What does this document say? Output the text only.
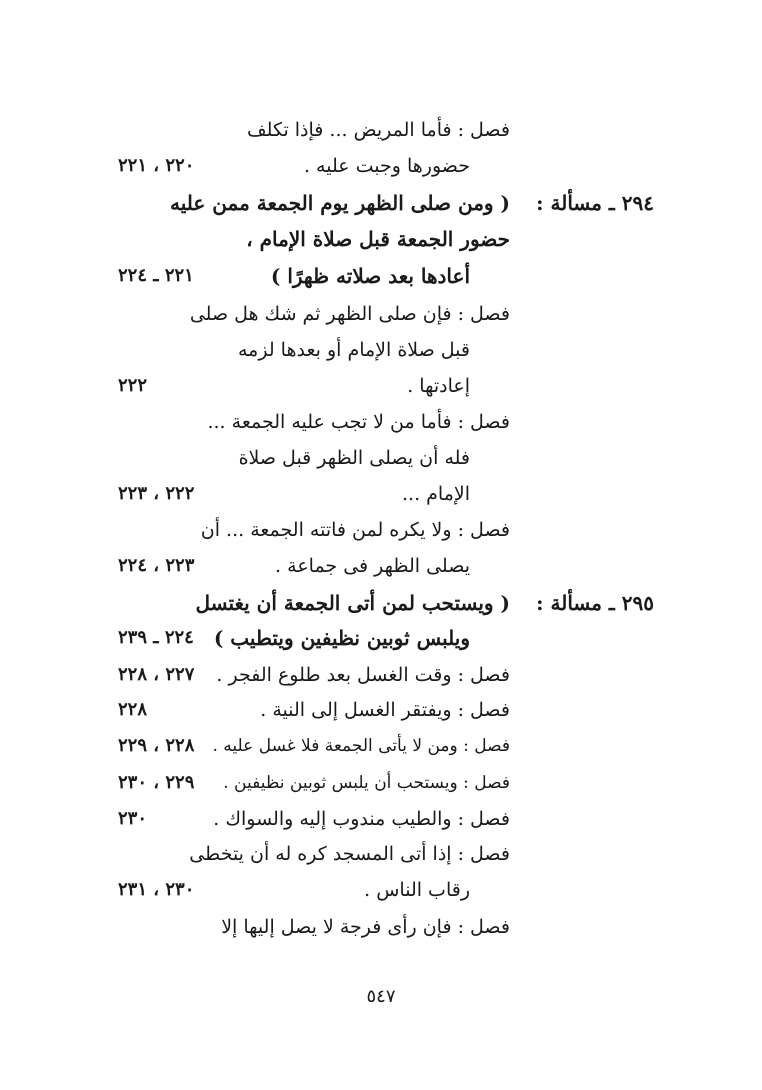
فصل : فأما المريض ... فإذا تكلف
حضورها وجبت عليه .
٢٢٠ ، ٢٢١
٢٩٤ ـ مسألة :
( ومن صلى الظهر يوم الجمعة ممن عليه
حضور الجمعة قبل صلاة الإمام ،
أعادها بعد صلاته ظهرًا )
٢٢١ ـ ٢٢٤
فصل : فإن صلى الظهر ثم شك هل صلى
قبل صلاة الإمام أو بعدها لزمه
إعادتها .
٢٢٢
فصل : فأما من لا تجب عليه الجمعة ...
فله أن يصلى الظهر قبل صلاة
الإمام ...
٢٢٢ ، ٢٢٣
فصل : ولا يكره لمن فاتته الجمعة ... أن
يصلى الظهر فى جماعة .
٢٢٣ ، ٢٢٤
٢٩٥ ـ مسألة :
( ويستحب لمن أتى الجمعة أن يغتسل
ويلبس ثوبين نظيفين ويتطيب )
٢٢٤ ـ ٢٣٩
فصل : وقت الغسل بعد طلوع الفجر .
٢٢٧ ، ٢٢٨
فصل : ويفتقر الغسل إلى النية .
٢٢٨
فصل : ومن لا يأتى الجمعة فلا غسل عليه .
٢٢٨ ، ٢٢٩
فصل : ويستحب أن يلبس ثوبين نظيفين .
٢٢٩ ، ٢٣٠
فصل : والطيب مندوب إليه والسواك .
٢٣٠
فصل : إذا أتى المسجد كره له أن يتخطى
رقاب الناس .
٢٣٠ ، ٢٣١
فصل : فإن رأى فرجة لا يصل إليها إلا
٥٤٧
